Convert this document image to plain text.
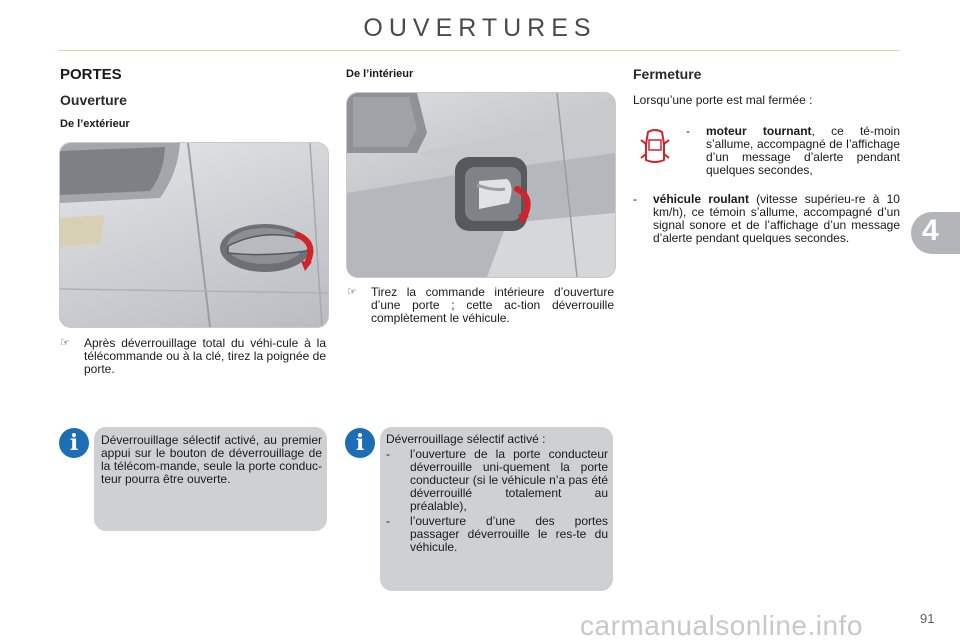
OUVERTURES
PORTES
Ouverture
De l’extérieur
☞ Après déverrouillage total du véhi-cule à la télécommande ou à la clé, tirez la poignée de porte.
i	Déverrouillage sélectif activé, au premier appui sur le bouton de déverrouillage de la télécom-mande, seule la porte conduc-teur pourra être ouverte.
De l’intérieur
☞ Tirez la commande intérieure d’ouverture d’une porte ; cette ac-tion déverrouille complètement le véhicule.
i	Déverrouillage sélectif activé :
- l’ouverture de la porte conducteur déverrouille uni-quement la porte conducteur (si le véhicule n’a pas été déverrouillé totalement au préalable),
- l’ouverture d’une des portes passager déverrouille le res-te du véhicule.
Fermeture
Lorsqu’une porte est mal fermée :
- moteur tournant, ce té-moin s’allume, accompagné de l’affichage d’un message d’alerte pendant quelques secondes,
- véhicule roulant (vitesse supérieu-re à 10 km/h), ce témoin s’allume, accompagné d’un signal sonore et de l’affichage d’un message d’alerte pendant quelques secondes.	4
carmanualsonline.info	91
